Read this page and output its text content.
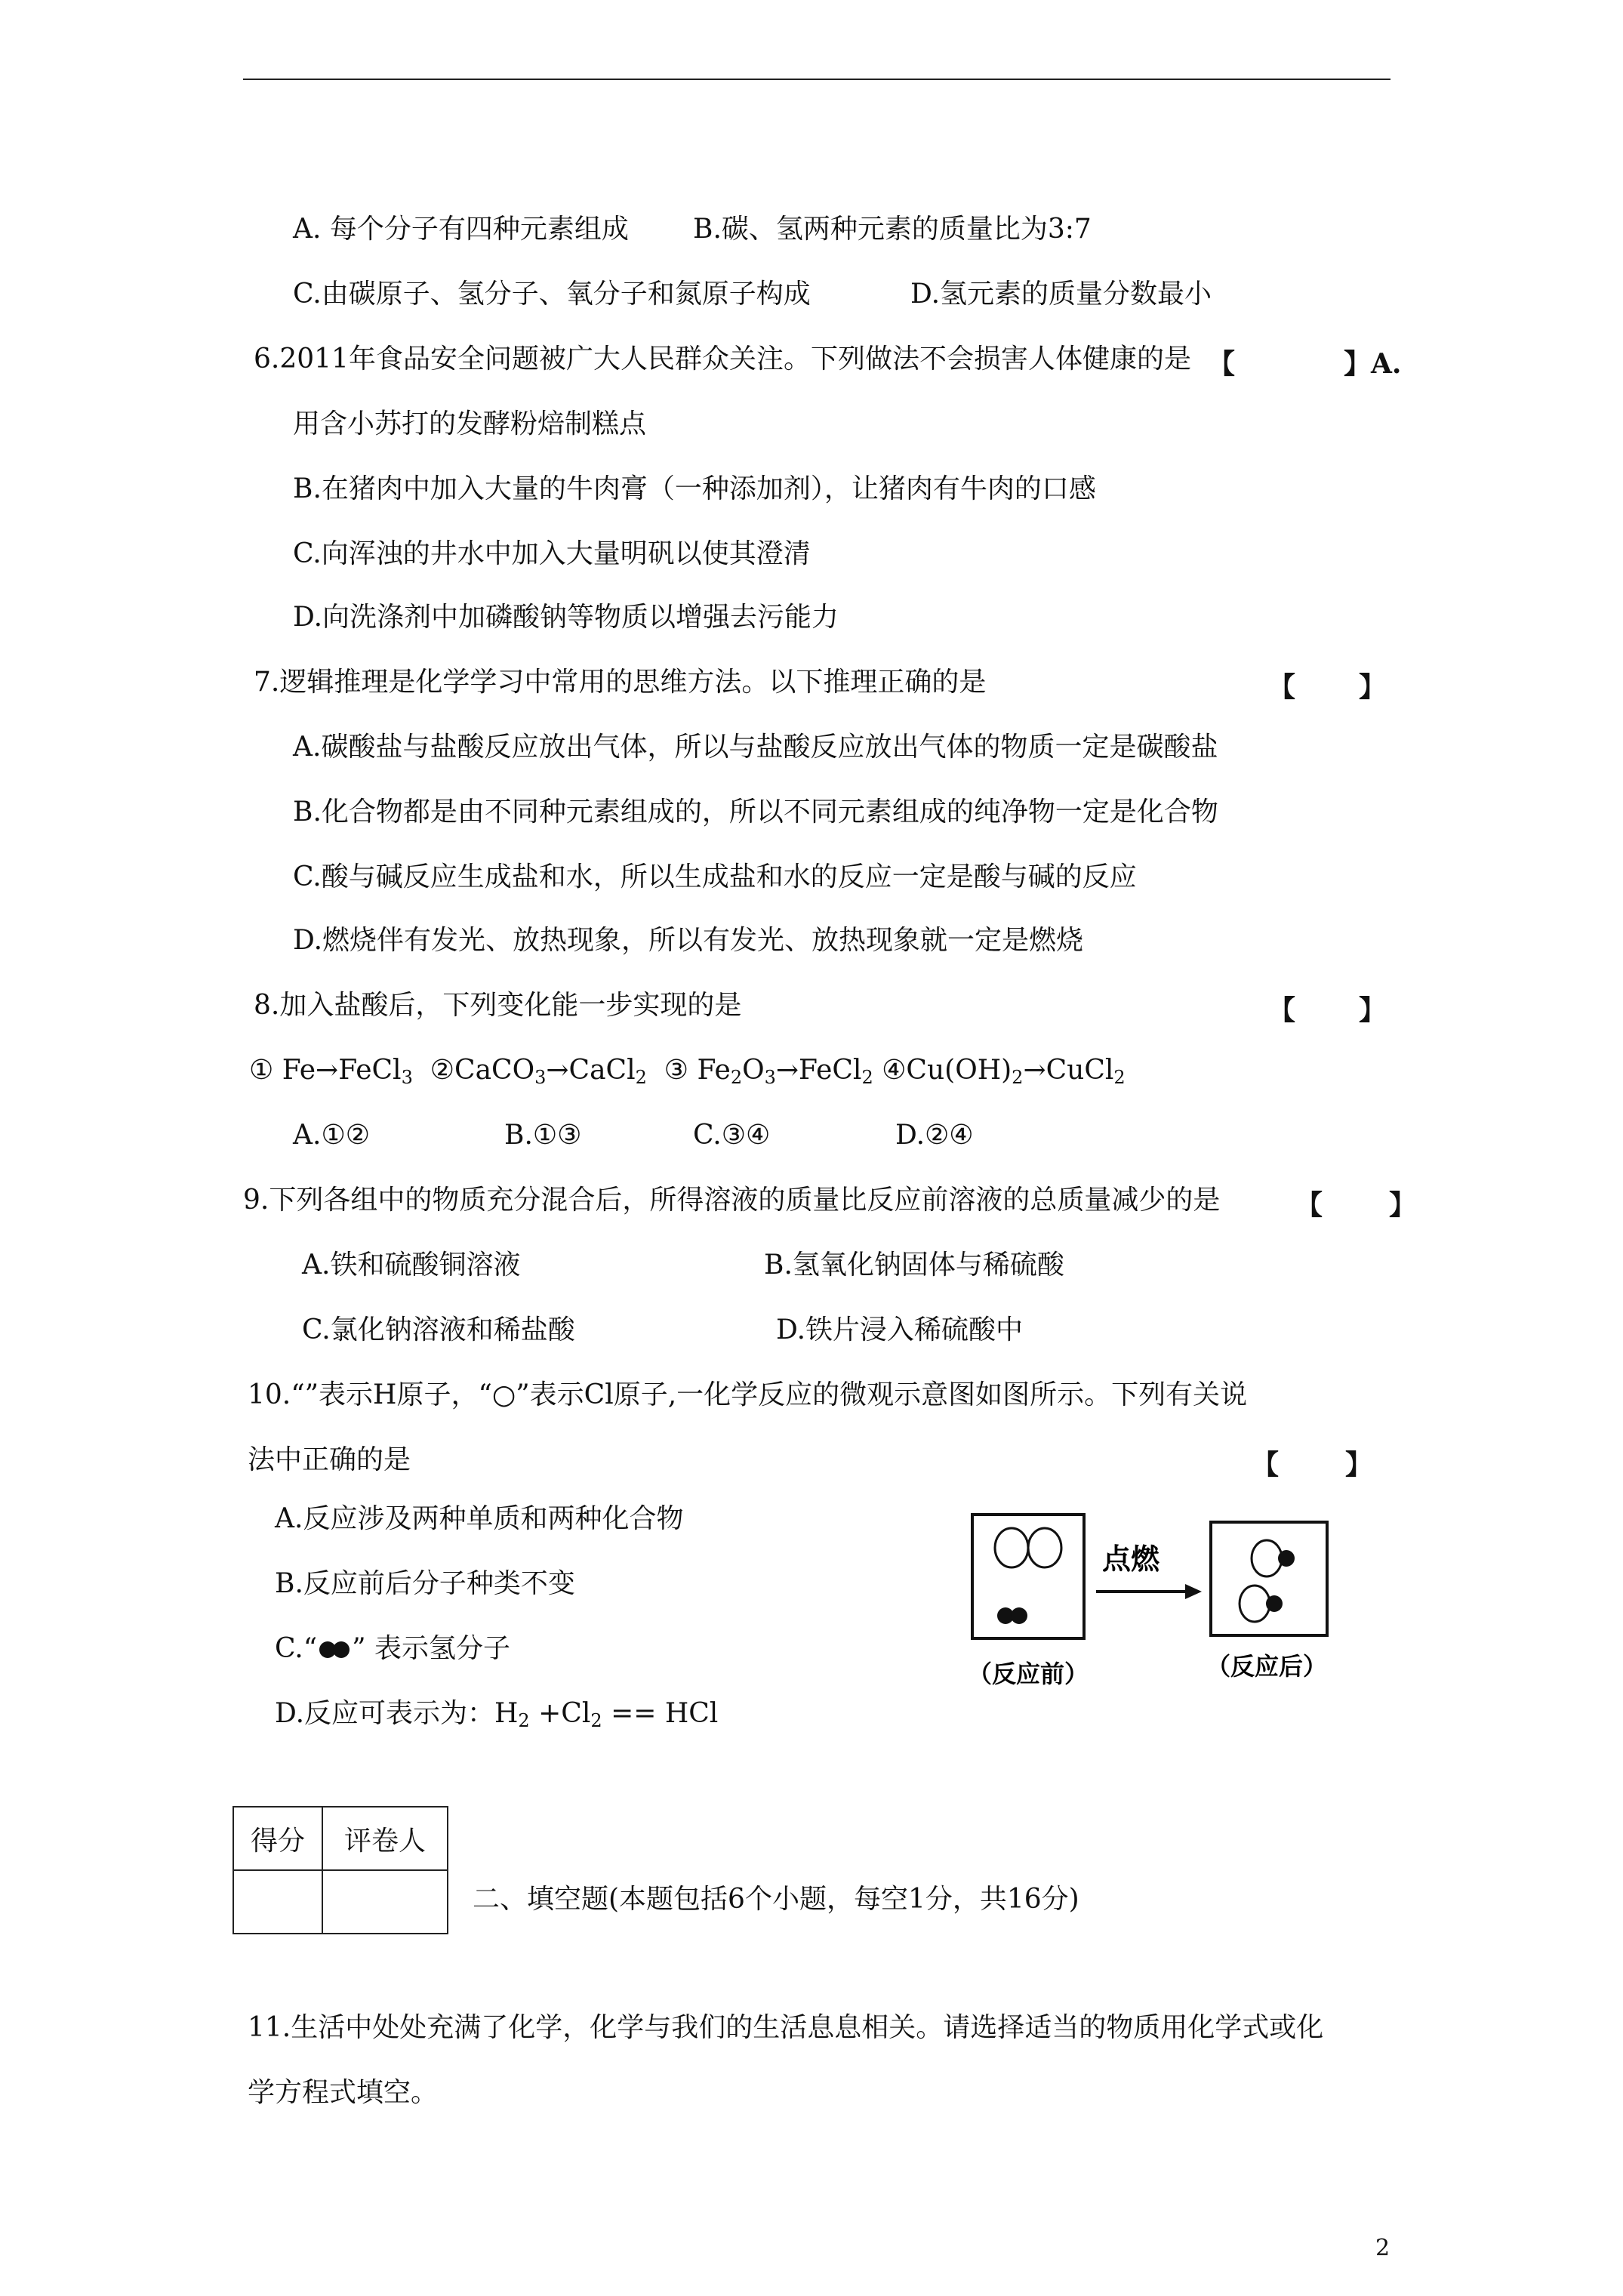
A. 每个分子有四种元素组成 B.碳、氢两种元素的质量比为3:7
C.由碳原子、氢分子、氧分子和氮原子构成	D.氢元素的质量分数最小
6.2011年食品安全问题被广大人民群众关注。下列做法不会损害人体健康的是 【	】A.
用含小苏打的发酵粉焙制糕点
B.在猪肉中加入大量的牛肉膏（一种添加剂），让猪肉有牛肉的口感
C.向浑浊的井水中加入大量明矾以使其澄清
D.向洗涤剂中加磷酸钠等物质以增强去污能力
7.逻辑推理是化学学习中常用的思维方法。以下推理正确的是	【 】
A.碳酸盐与盐酸反应放出气体，所以与盐酸反应放出气体的物质一定是碳酸盐
B.化合物都是由不同种元素组成的，所以不同元素组成的纯净物一定是化合物
C.酸与碱反应生成盐和水，所以生成盐和水的反应一定是酸与碱的反应
D.燃烧伴有发光、放热现象，所以有发光、放热现象就一定是燃烧
8.加入盐酸后，下列变化能一步实现的是	【 】
① Fe→FeCl$_3$  ②CaCO$_3$→CaCl$_2$  ③ $Fe_2O_3\to FeCl_2$ $④Cu(OH)_2\to CuCl_2$
A.①②	B.①③	C.③④	D.②④
9.下列各组中的物质充分混合后，所得溶液的质量比反应前溶液的总质量减少的是	【 】
A.铁和硫酸铜溶液	B.氢氧化钠固体与稀硫酸
C.氯化钠溶液和稀盐酸	D.铁片浸入稀硫酸中
10.“”表示H原子，“○”表示Cl原子,一化学反应的微观示意图如图所示。下列有关说
法中正确的是	【 】
A.反应涉及两种单质和两种化合物
B.反应前后分子种类不变
C.“ ” 表示氢分子
D.反应可表示为：$H_2 +Cl_2$ == HCl
点燃
（反应前）	（反应后）
得分	评卷人

二、填空题(本题包括6个小题，每空1分，共16分)
11.生活中处处充满了化学，化学与我们的生活息息相关。请选择适当的物质用化学式或化
学方程式填空。
2
